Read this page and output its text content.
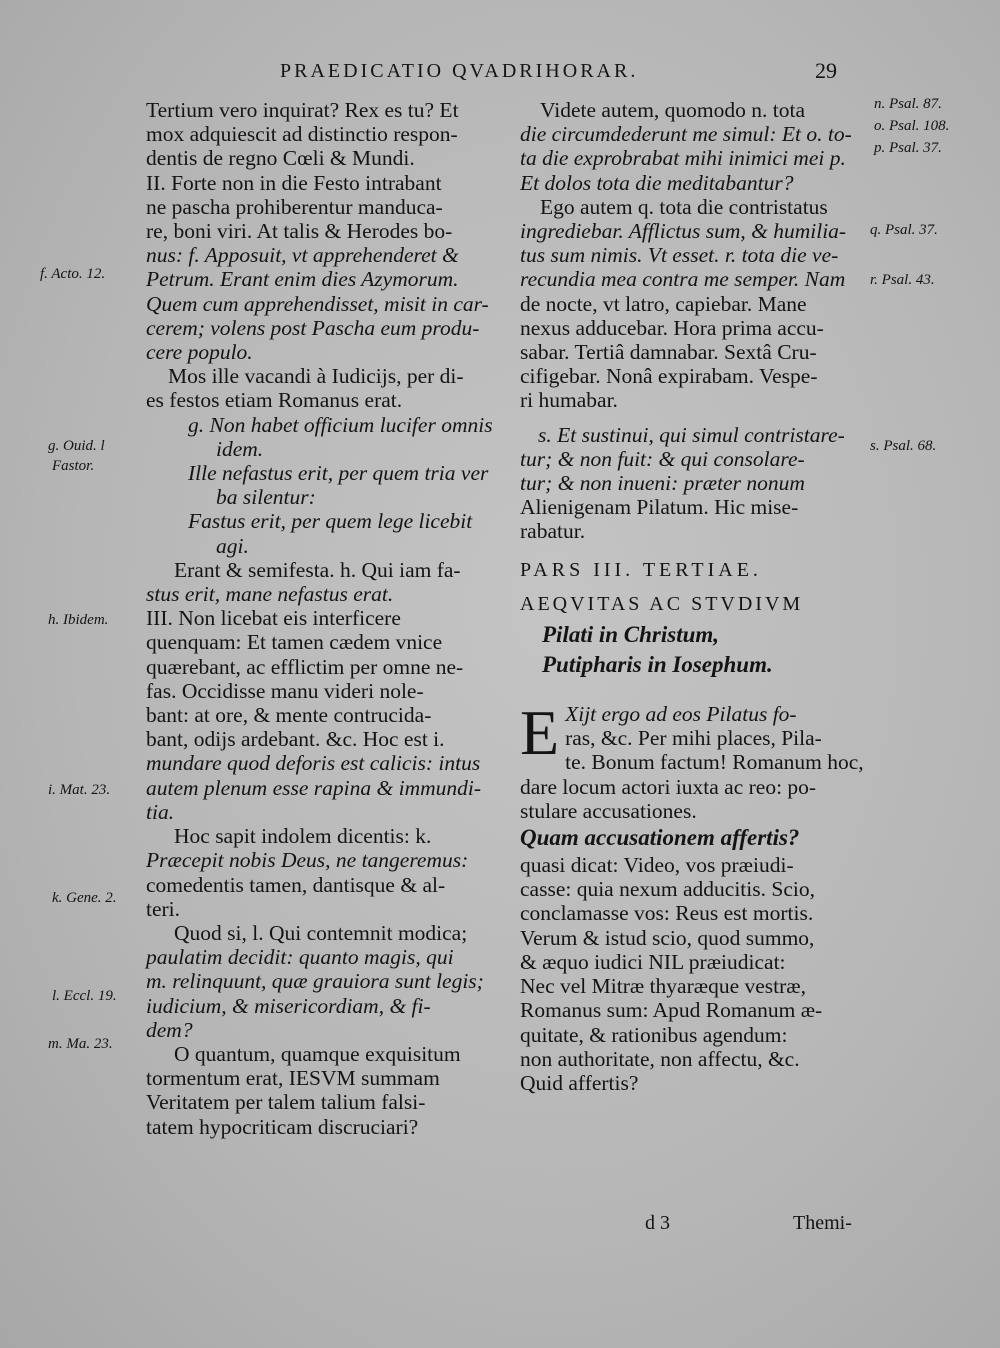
PRAEDICATIO QVADRIHORAR.	29
f. Acto. 12.
g. Ouid. l
Fastor.
h. Ibidem.
i. Mat. 23.
k. Gene. 2.
l. Eccl. 19.
m. Ma. 23.
n. Psal. 87.
o. Psal. 108.
p. Psal. 37.
q. Psal. 37.
r. Psal. 43.
s. Psal. 68.

Tertium vero inquirat? Rex es tu? Et

mox adquiescit ad distinctio respon-

dentis de regno Cœli & Mundi.

II. Forte non in die Festo intrabant

ne pascha prohiberentur manduca-

re, boni viri. At talis & Herodes bo-

nus: f. Apposuit, vt apprehenderet &

Petrum. Erant enim dies Azymorum.

Quem cum apprehendisset, misit in car-

cerem; volens post Pascha eum produ-

cere populo.

Mos ille vacandi à Iudicijs, per di-

es festos etiam Romanus erat.

g. Non habet officium lucifer omnis

idem.

Ille nefastus erit, per quem tria ver

ba silentur:

Fastus erit, per quem lege licebit

agi.

Erant & semifesta. h. Qui iam fa-

stus erit, mane nefastus erat.

III. Non licebat eis interficere

quenquam: Et tamen cædem vnice

quærebant, ac efflictim per omne ne-

fas. Occidisse manu videri nole-

bant: at ore, & mente contrucida-

bant, odijs ardebant. &c. Hoc est i.

mundare quod deforis est calicis: intus

autem plenum esse rapina & immundi-

tia.

Hoc sapit indolem dicentis: k.

Præcepit nobis Deus, ne tangeremus:

comedentis tamen, dantisque & al-

teri.

Quod si, l. Qui contemnit modica;

paulatim decidit: quanto magis, qui

m. relinquunt, quæ grauiora sunt legis;

iudicium, & misericordiam, & fi-

dem?

O quantum, quamque exquisitum

tormentum erat, IESVM summam

Veritatem per talem talium falsi-

tatem hypocriticam discruciari?

Videte autem, quomodo n. tota

die circumdederunt me simul: Et o. to-

ta die exprobrabat mihi inimici mei p.

Et dolos tota die meditabantur?

Ego autem q. tota die contristatus

ingrediebar. Afflictus sum, & humilia-

tus sum nimis. Vt esset. r. tota die ve-

recundia mea contra me semper. Nam

de nocte, vt latro, capiebar. Mane

nexus adducebar. Hora prima accu-

sabar. Tertiâ damnabar. Sextâ Cru-

cifigebar. Nonâ expirabam. Vespe-

ri humabar.

s. Et sustinui, qui simul contristare-

tur; & non fuit: & qui consolare-

tur; & non inueni: præter nonum

Alienigenam Pilatum. Hic mise-

rabatur.

PARS III. TERTIAE.

AEQVITAS AC STVDIVM

Pilati in Christum,

Putipharis in Iosephum.

E Xijt ergo ad eos Pilatus fo-

ras, &c. Per mihi places, Pila-

te. Bonum factum! Romanum hoc,

dare locum actori iuxta ac reo: po-

stulare accusationes.

Quam accusationem affertis?

quasi dicat: Video, vos præiudi-

casse: quia nexum adducitis. Scio,

conclamasse vos: Reus est mortis.

Verum & istud scio, quod summo,

& æquo iudici NIL præiudicat:

Nec vel Mitræ thyaræque vestræ,

Romanus sum: Apud Romanum æ-

quitate, & rationibus agendum:

non authoritate, non affectu, &c.

Quid affertis?

d 3	Themi-
